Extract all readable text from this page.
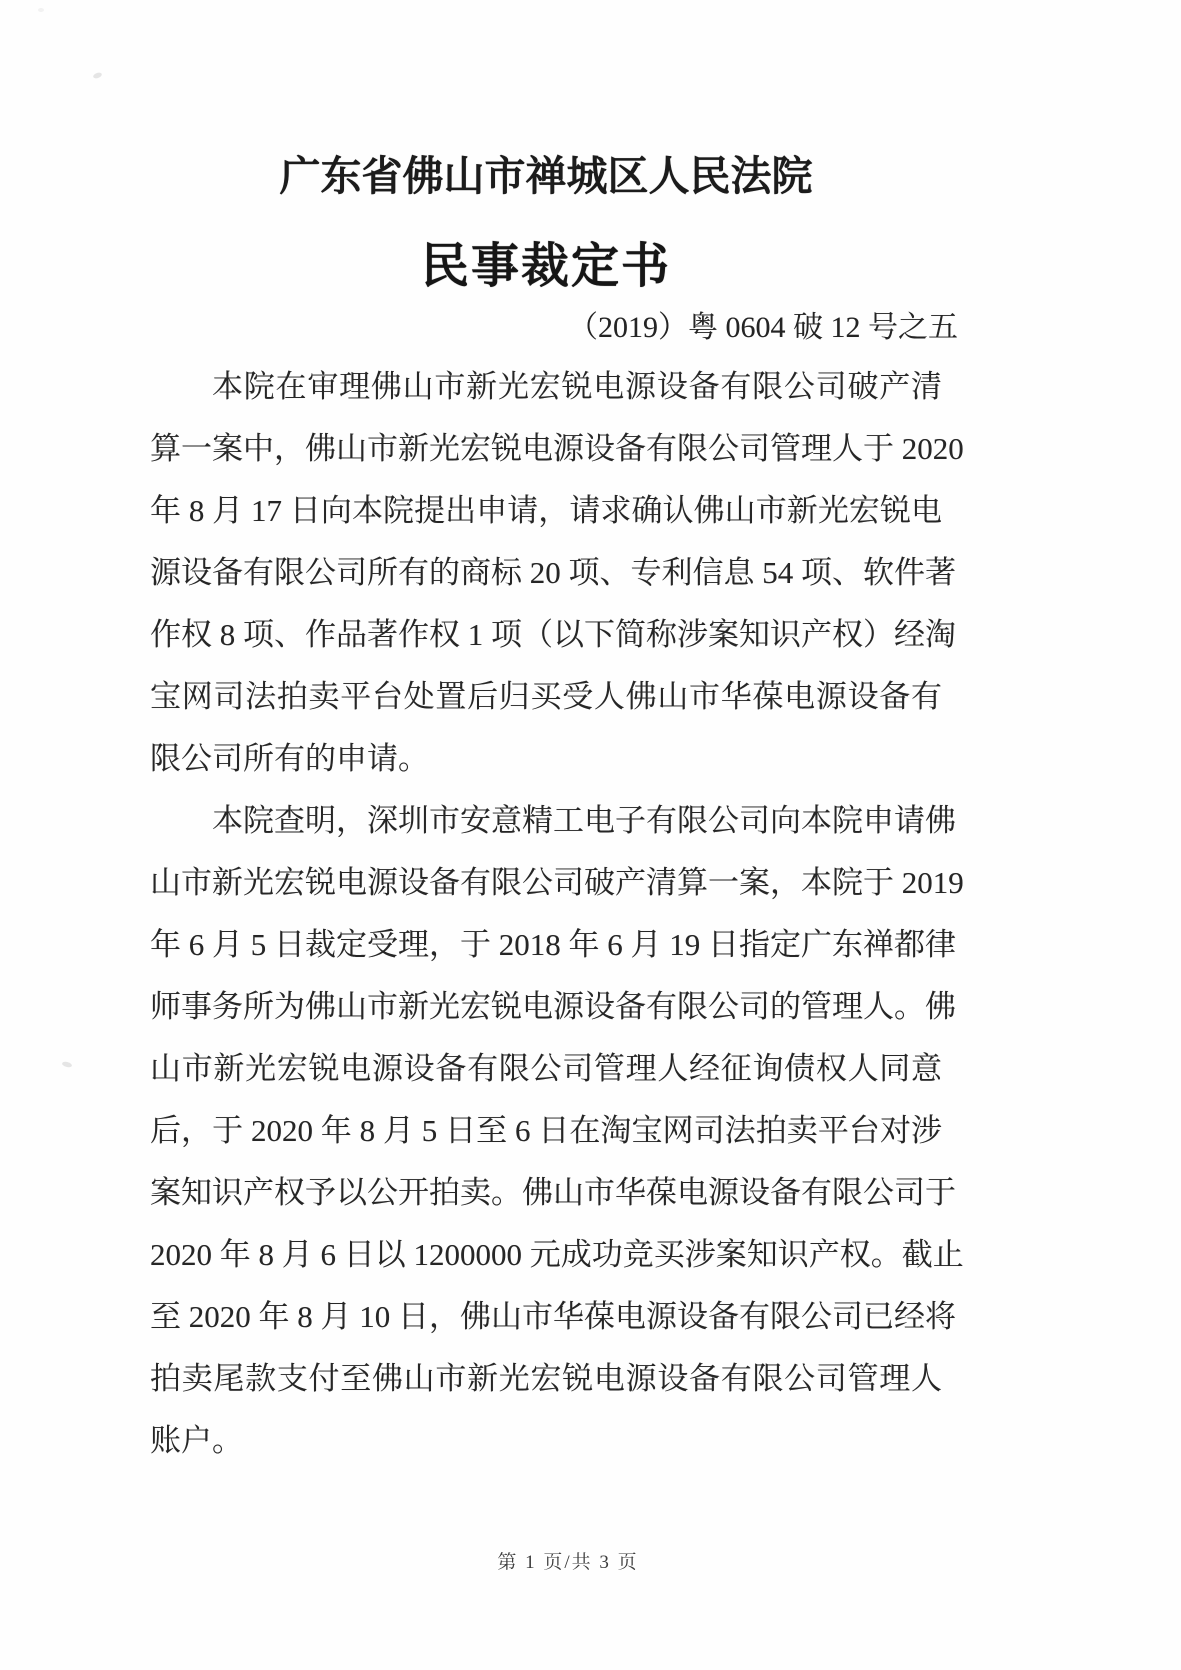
广东省佛山市禅城区人民法院
民事裁定书
（2019）粤 0604 破 12 号之五
本院在审理佛山市新光宏锐电源设备有限公司破产清
算一案中，佛山市新光宏锐电源设备有限公司管理人于 2020
年 8 月 17 日向本院提出申请，请求确认佛山市新光宏锐电
源设备有限公司所有的商标 20 项、专利信息 54 项、软件著
作权 8 项、作品著作权 1 项（以下简称涉案知识产权）经淘
宝网司法拍卖平台处置后归买受人佛山市华葆电源设备有
限公司所有的申请。
本院查明，深圳市安意精工电子有限公司向本院申请佛
山市新光宏锐电源设备有限公司破产清算一案，本院于 2019
年 6 月 5 日裁定受理，于 2018 年 6 月 19 日指定广东禅都律
师事务所为佛山市新光宏锐电源设备有限公司的管理人。佛
山市新光宏锐电源设备有限公司管理人经征询债权人同意
后，于 2020 年 8 月 5 日至 6 日在淘宝网司法拍卖平台对涉
案知识产权予以公开拍卖。佛山市华葆电源设备有限公司于
2020 年 8 月 6 日以 1200000 元成功竞买涉案知识产权。截止
至 2020 年 8 月 10 日，佛山市华葆电源设备有限公司已经将
拍卖尾款支付至佛山市新光宏锐电源设备有限公司管理人
账户。
第 1 页/共 3 页
